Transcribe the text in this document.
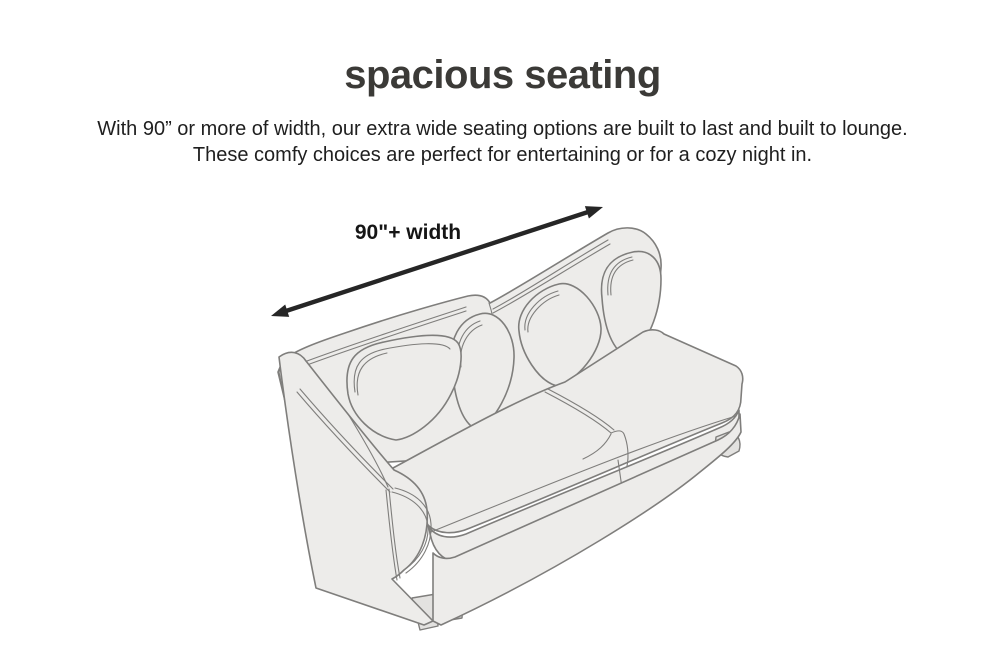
spacious seating

With 90” or more of width, our extra wide seating options are built to last and built to lounge.

These comfy choices are perfect for entertaining or for a cozy night in.

90"+ width
